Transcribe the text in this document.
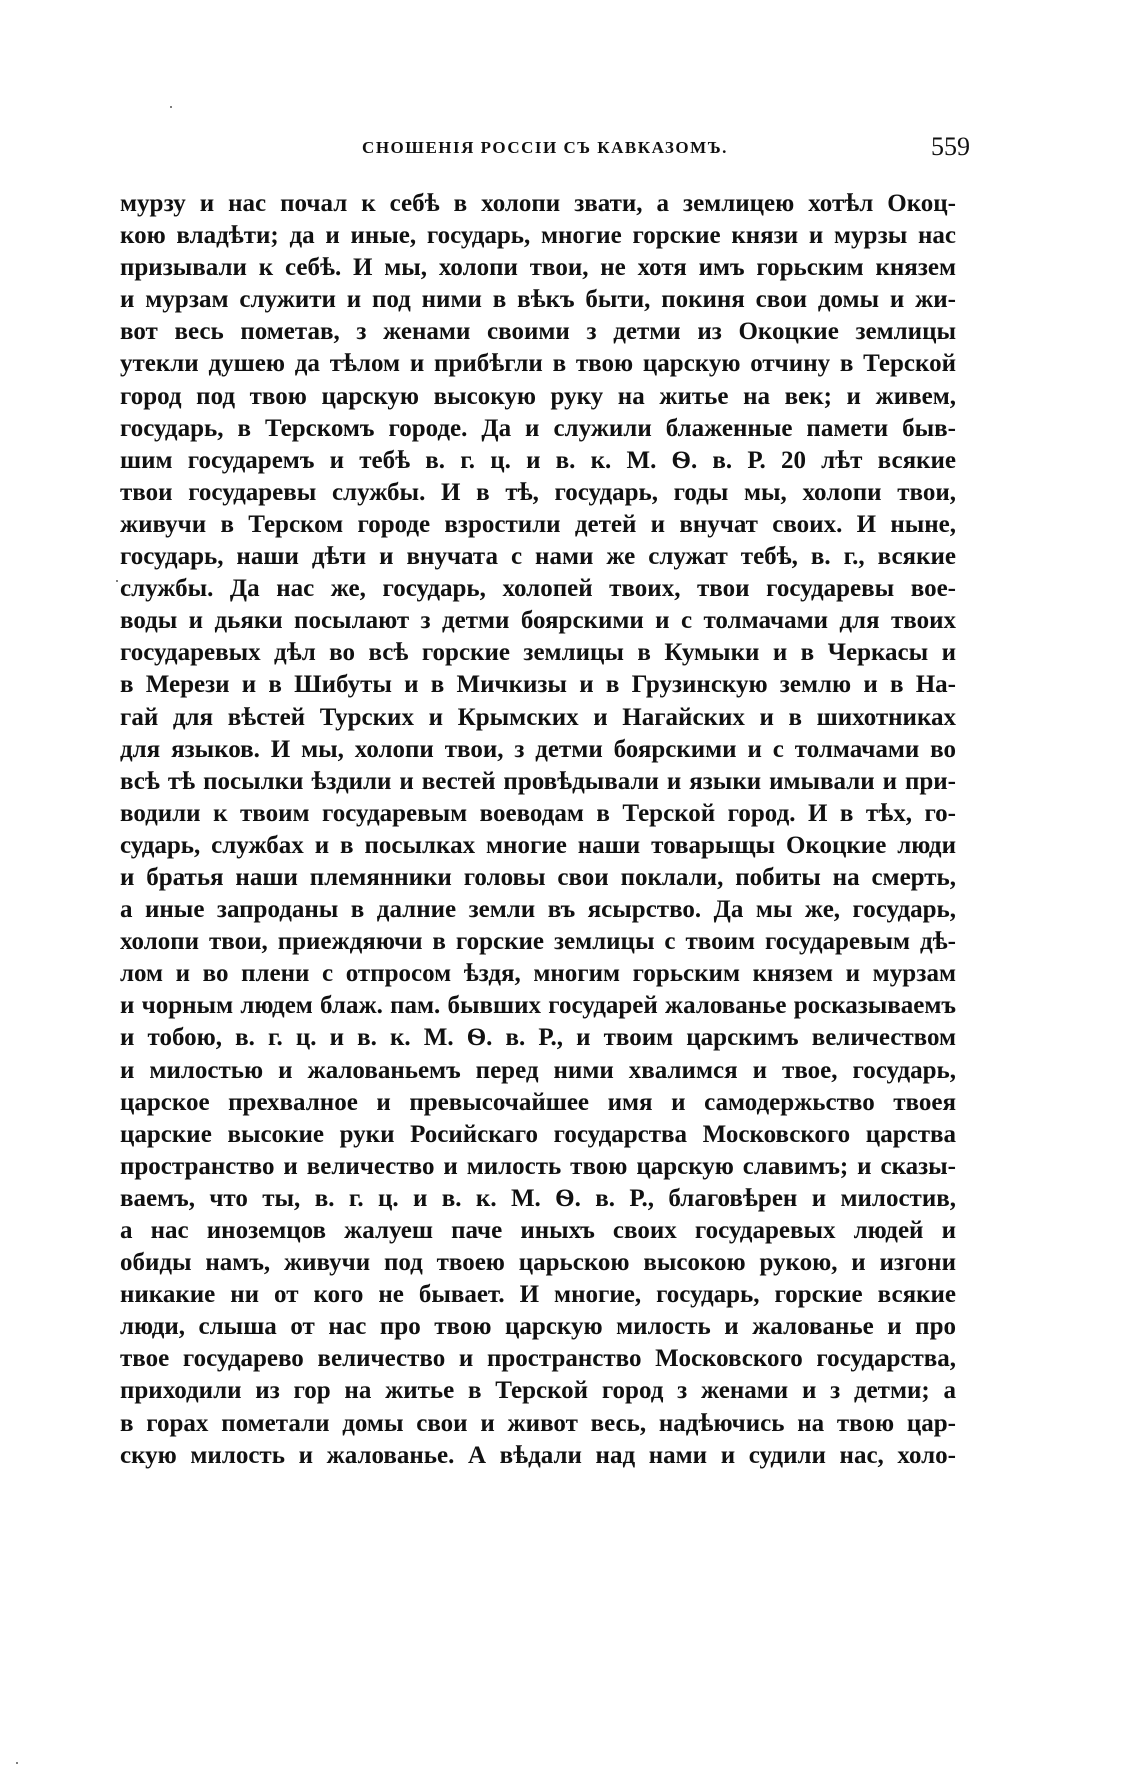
СНОШЕНІЯ РОССІИ СЪ КАВКАЗОМЪ.	559
мурзу и нас почал к себѣ в холопи звати, а землицею хотѣл Окоц-
кою владѣти; да и иные, государь, многие горские князи и мурзы нас
призывали к себѣ. И мы, холопи твои, не хотя имъ горьским князем
и мурзам служити и под ними в вѣкъ быти, покиня свои домы и жи-
вот весь пометав, з женами своими з детми из Окоцкие землицы
утекли душею да тѣлом и прибѣгли в твою царскую отчину в Терской
город под твою царскую высокую руку на житье на век; и живем,
государь, в Терскомъ городе. Да и служили блаженные памети быв-
шим государемъ и тебѣ в. г. ц. и в. к. М. Ѳ. в. Р. 20 лѣт всякие
твои государевы службы. И в тѣ, государь, годы мы, холопи твои,
живучи в Терском городе взростили детей и внучат своих. И ныне,
государь, наши дѣти и внучата с нами же служат тебѣ, в. г., всякие
службы. Да нас же, государь, холопей твоих, твои государевы вое-
воды и дьяки посылают з детми боярскими и с толмачами для твоих
государевых дѣл во всѣ горские землицы в Кумыки и в Черкасы и
в Мерези и в Шибуты и в Мичкизы и в Грузинскую землю и в На-
гай для вѣстей Турских и Крымских и Нагайских и в шихотниках
для языков. И мы, холопи твои, з детми боярскими и с толмачами во
всѣ тѣ посылки ѣздили и вестей провѣдывали и языки имывали и при-
водили к твоим государевым воеводам в Терской город. И в тѣх, го-
сударь, службах и в посылках многие наши товарыщы Окоцкие люди
и братья наши племянники головы свои поклали, побиты на смерть,
а иные запроданы в далние земли въ ясырство. Да мы же, государь,
холопи твои, приеждяючи в горские землицы с твоим государевым дѣ-
лом и во плени с отпросом ѣздя, многим горьским князем и мурзам
и чорным людем блаж. пам. бывших государей жалованье росказываемъ
и тобою, в. г. ц. и в. к. М. Ѳ. в. Р., и твоим царскимъ величеством
и милостью и жалованьемъ перед ними хвалимся и твое, государь,
царское прехвалное и превысочайшее имя и самодержьство твоея
царские высокие руки Росийскаго государства Московского царства
пространство и величество и милость твою царскую славимъ; и сказы-
ваемъ, что ты, в. г. ц. и в. к. М. Ѳ. в. Р., благовѣрен и милостив,
а нас иноземцов жалуеш паче иныхъ своих государевых людей и
обиды намъ, живучи под твоею царьскою высокою рукою, и изгони
никакие ни от кого не бывает. И многие, государь, горские всякие
люди, слыша от нас про твою царскую милость и жалованье и про
твое государево величество и пространство Московского государства,
приходили из гор на житье в Терской город з женами и з детми; а
в горах пометали домы свои и живот весь, надѣючись на твою цар-
скую милость и жалованье. А вѣдали над нами и судили нас, холо-
